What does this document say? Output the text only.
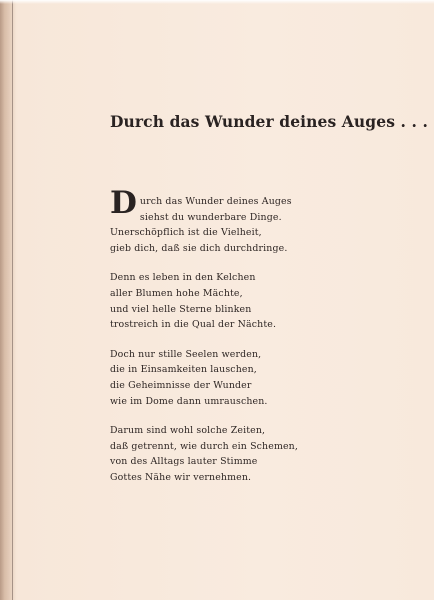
Durch das Wunder deines Auges . . .
D urch das Wunder deines Auges
siehst du wunderbare Dinge.
Unerschöpflich ist die Vielheit,
gieb dich, daß sie dich durchdringe.
Denn es leben in den Kelchen
aller Blumen hohe Mächte,
und viel helle Sterne blinken
trostreich in die Qual der Nächte.
Doch nur stille Seelen werden,
die in Einsamkeiten lauschen,
die Geheimnisse der Wunder
wie im Dome dann umrauschen.
Darum sind wohl solche Zeiten,
daß getrennt, wie durch ein Schemen,
von des Alltags lauter Stimme
Gottes Nähe wir vernehmen.
